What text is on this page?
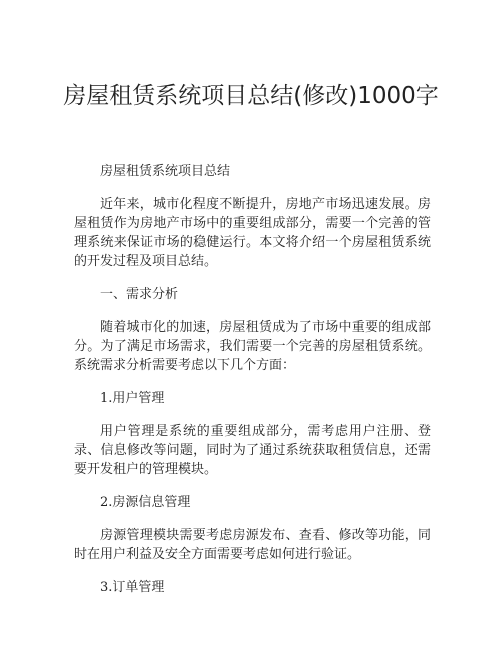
房屋租赁系统项目总结(修改)1000字

房屋租赁系统项目总结

近年来，城市化程度不断提升，房地产市场迅速发展。房屋租赁作为房地产市场中的重要组成部分，需要一个完善的管理系统来保证市场的稳健运行。本文将介绍一个房屋租赁系统的开发过程及项目总结。

一、需求分析

随着城市化的加速，房屋租赁成为了市场中重要的组成部分。为了满足市场需求，我们需要一个完善的房屋租赁系统。系统需求分析需要考虑以下几个方面：

1.用户管理

用户管理是系统的重要组成部分，需考虑用户注册、登录、信息修改等问题，同时为了通过系统获取租赁信息，还需要开发租户的管理模块。

2.房源信息管理

房源管理模块需要考虑房源发布、查看、修改等功能，同时在用户利益及安全方面需要考虑如何进行验证。

3.订单管理
